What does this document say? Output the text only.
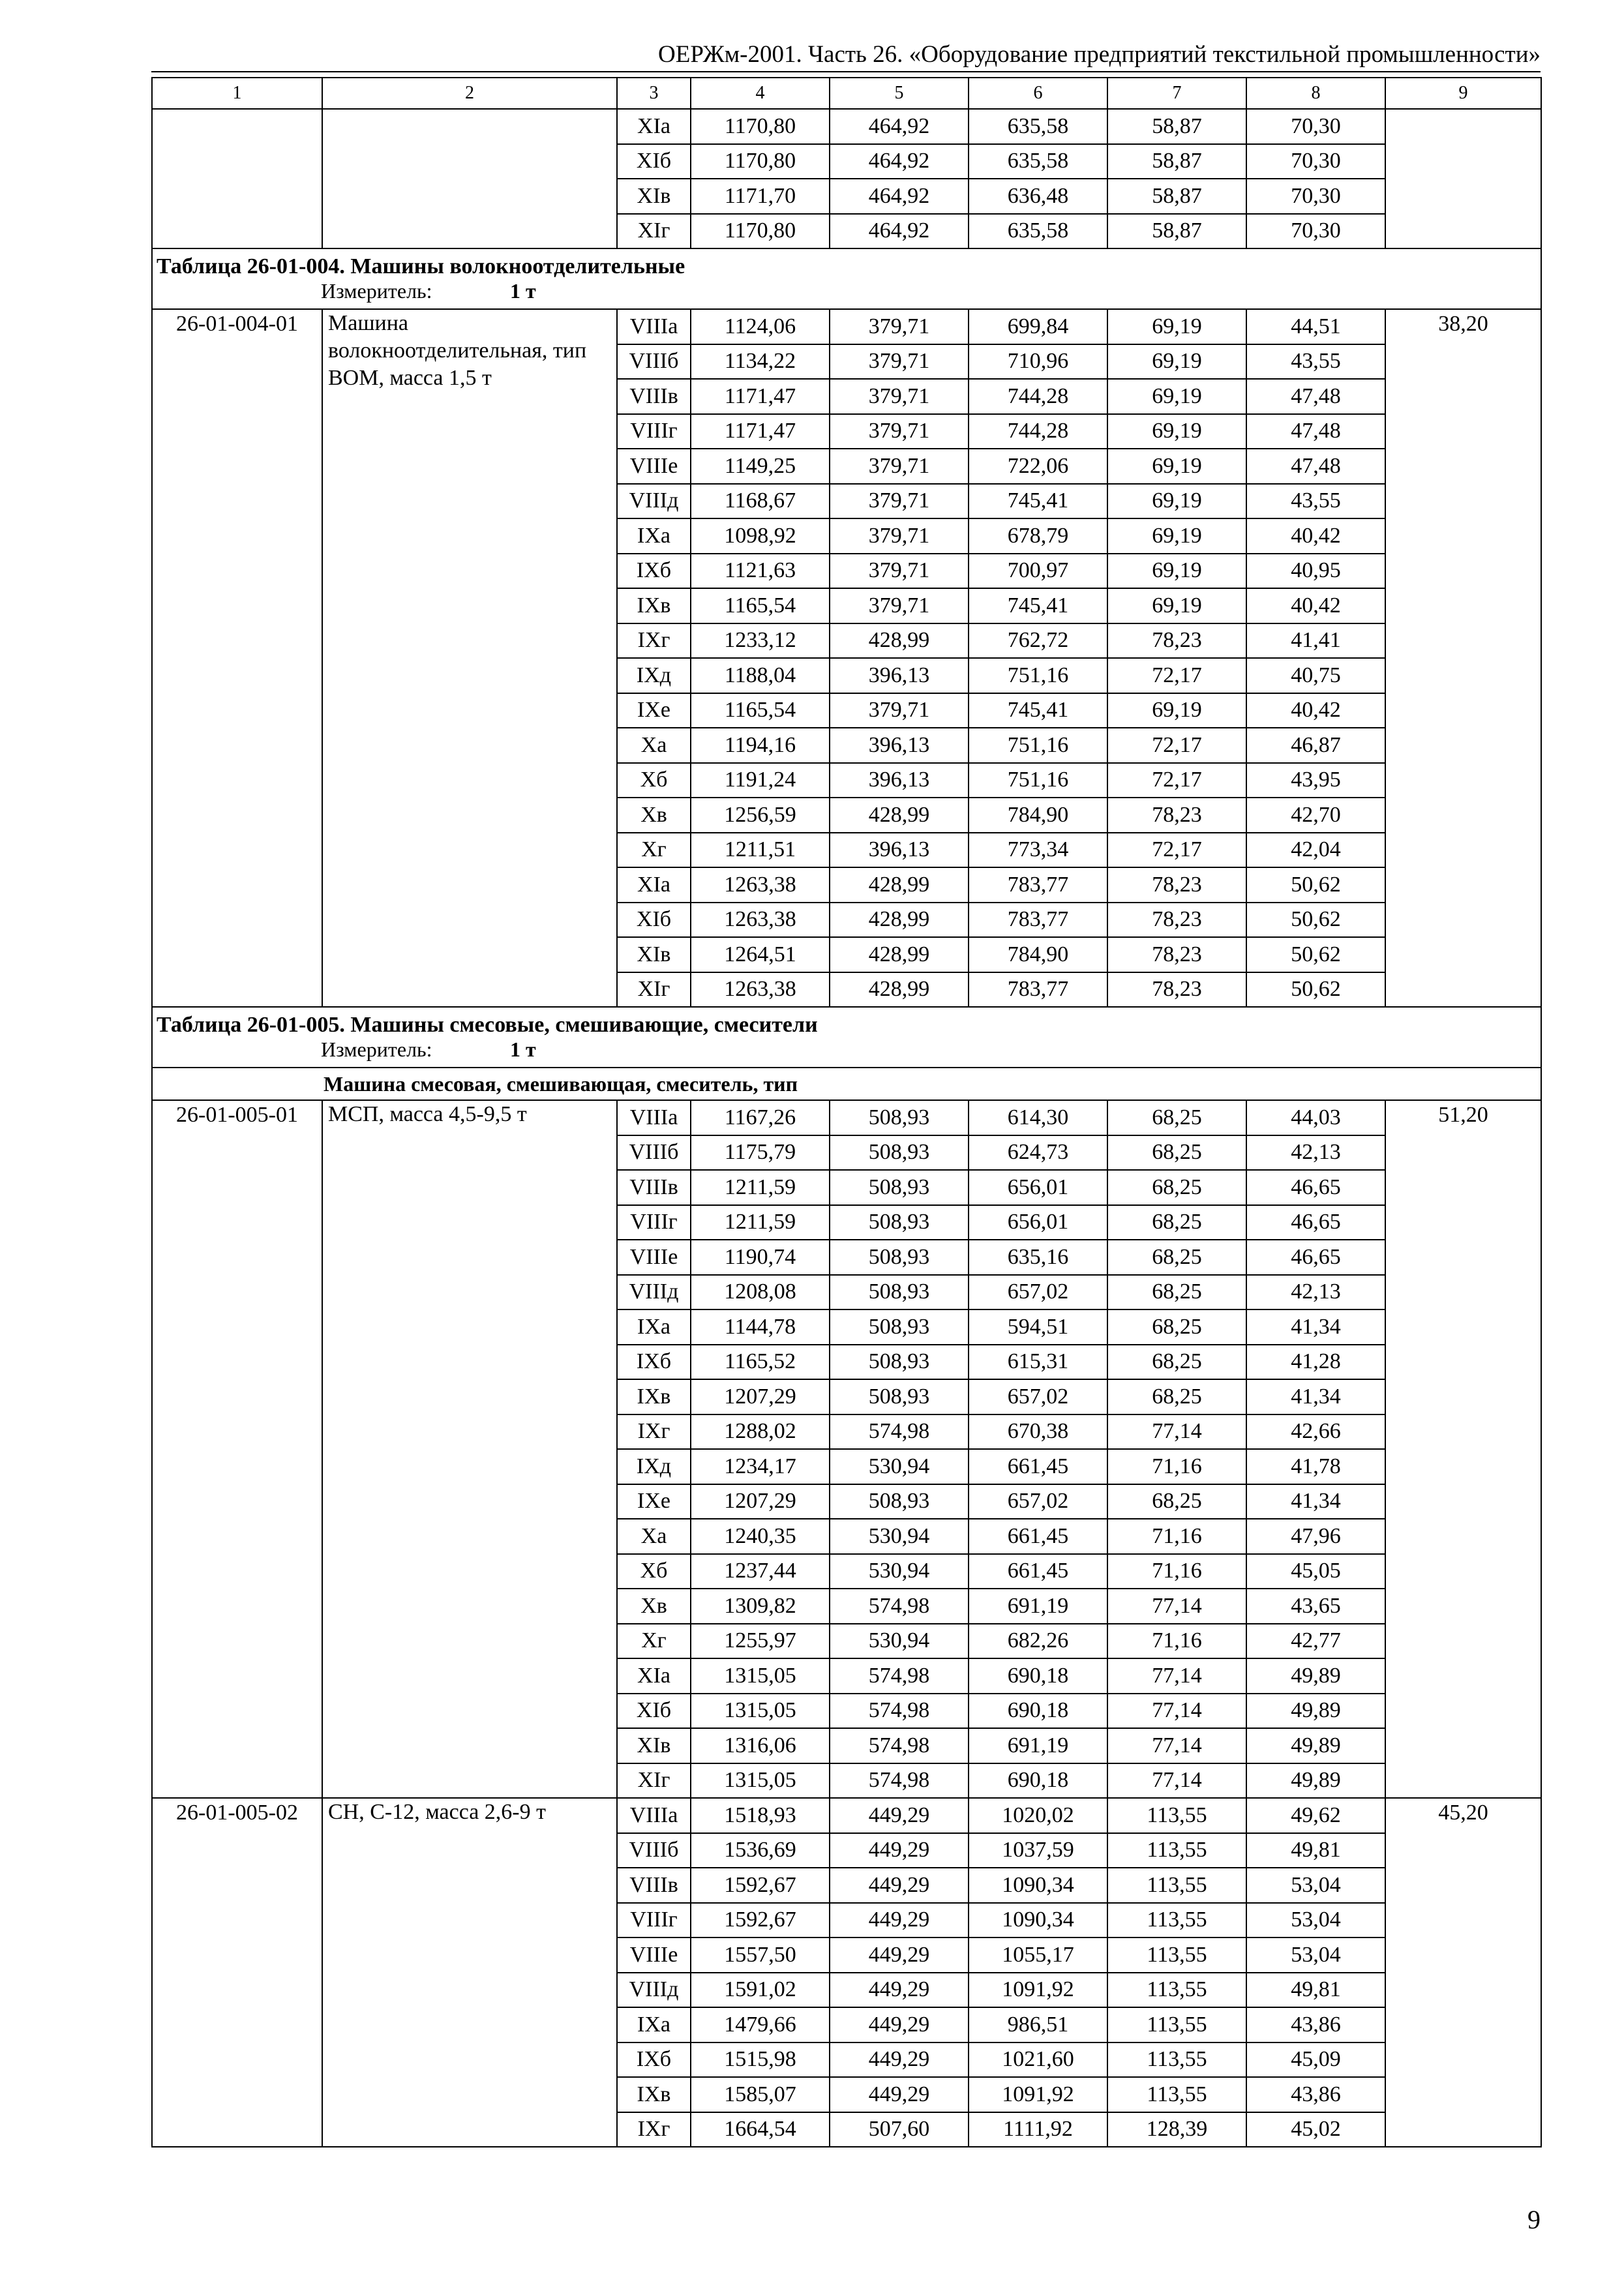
ОЕРЖм-2001. Часть 26. «Оборудование предприятий текстильной промышленности»
1	2	3	4	5	6	7	8	9
		XIа	1170,80	464,92	635,58	58,87	70,30	
		XIб	1170,80	464,92	635,58	58,87	70,30	
		XIв	1171,70	464,92	636,48	58,87	70,30	
		XIг	1170,80	464,92	635,58	58,87	70,30	
Таблица 26-01-004. Машины волокноотделительные								

Измеритель: 1 т								

26-01-004-01	Машина волокноотделительная, тип ВОМ, масса 1,5 т	VIIIа	1124,06	379,71	699,84	69,19	44,51	38,20
		VIIIб	1134,22	379,71	710,96	69,19	43,55	
		VIIIв	1171,47	379,71	744,28	69,19	47,48	
		VIIIг	1171,47	379,71	744,28	69,19	47,48	
		VIIIе	1149,25	379,71	722,06	69,19	47,48	
		VIIIд	1168,67	379,71	745,41	69,19	43,55	
		IXа	1098,92	379,71	678,79	69,19	40,42	
		IXб	1121,63	379,71	700,97	69,19	40,95	
		IXв	1165,54	379,71	745,41	69,19	40,42	
		IXг	1233,12	428,99	762,72	78,23	41,41	
		IXд	1188,04	396,13	751,16	72,17	40,75	
		IXе	1165,54	379,71	745,41	69,19	40,42	
		Xа	1194,16	396,13	751,16	72,17	46,87	
		Xб	1191,24	396,13	751,16	72,17	43,95	
		Xв	1256,59	428,99	784,90	78,23	42,70	
		Xг	1211,51	396,13	773,34	72,17	42,04	
		XIа	1263,38	428,99	783,77	78,23	50,62	
		XIб	1263,38	428,99	783,77	78,23	50,62	
		XIв	1264,51	428,99	784,90	78,23	50,62	
		XIг	1263,38	428,99	783,77	78,23	50,62	
Таблица 26-01-005. Машины смесовые, смешивающие, смесители								

Измеритель: 1 т								

Машина смесовая, смешивающая, смеситель, тип								
26-01-005-01	МСП, масса 4,5-9,5 т	VIIIа	1167,26	508,93	614,30	68,25	44,03	51,20
		VIIIб	1175,79	508,93	624,73	68,25	42,13	
		VIIIв	1211,59	508,93	656,01	68,25	46,65	
		VIIIг	1211,59	508,93	656,01	68,25	46,65	
		VIIIе	1190,74	508,93	635,16	68,25	46,65	
		VIIIд	1208,08	508,93	657,02	68,25	42,13	
		IXа	1144,78	508,93	594,51	68,25	41,34	
		IXб	1165,52	508,93	615,31	68,25	41,28	
		IXв	1207,29	508,93	657,02	68,25	41,34	
		IXг	1288,02	574,98	670,38	77,14	42,66	
		IXд	1234,17	530,94	661,45	71,16	41,78	
		IXе	1207,29	508,93	657,02	68,25	41,34	
		Xа	1240,35	530,94	661,45	71,16	47,96	
		Xб	1237,44	530,94	661,45	71,16	45,05	
		Xв	1309,82	574,98	691,19	77,14	43,65	
		Xг	1255,97	530,94	682,26	71,16	42,77	
		XIа	1315,05	574,98	690,18	77,14	49,89	
		XIб	1315,05	574,98	690,18	77,14	49,89	
		XIв	1316,06	574,98	691,19	77,14	49,89	
		XIг	1315,05	574,98	690,18	77,14	49,89	
26-01-005-02	СН, С-12, масса 2,6-9 т	VIIIа	1518,93	449,29	1020,02	113,55	49,62	45,20
		VIIIб	1536,69	449,29	1037,59	113,55	49,81	
		VIIIв	1592,67	449,29	1090,34	113,55	53,04	
		VIIIг	1592,67	449,29	1090,34	113,55	53,04	
		VIIIе	1557,50	449,29	1055,17	113,55	53,04	
		VIIIд	1591,02	449,29	1091,92	113,55	49,81	
		IXа	1479,66	449,29	986,51	113,55	43,86	
		IXб	1515,98	449,29	1021,60	113,55	45,09	
		IXв	1585,07	449,29	1091,92	113,55	43,86	
		IXг	1664,54	507,60	1111,92	128,39	45,02	
9
